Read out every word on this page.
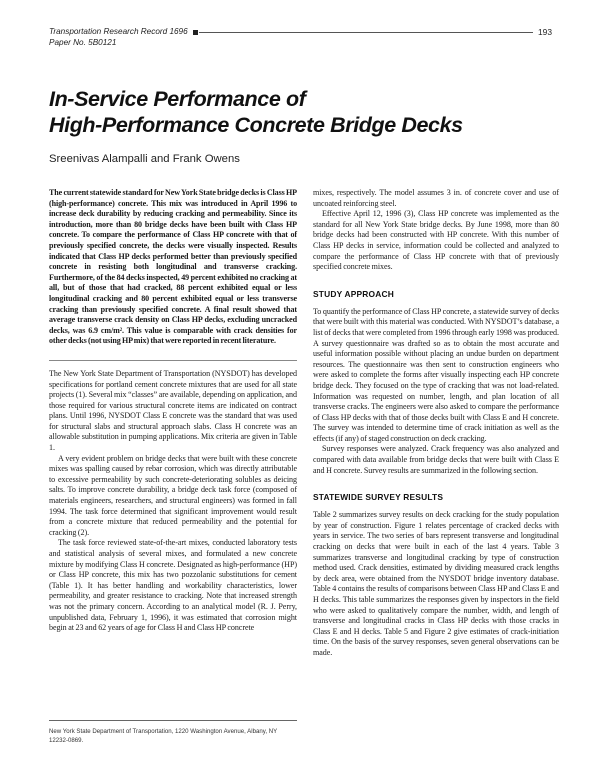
Transportation Research Record 1696
Paper No. 5B0121
193
In-Service Performance of
High-Performance Concrete Bridge Decks
Sreenivas Alampalli and Frank Owens

The current statewide standard for New York State bridge decks is Class HP (high-performance) concrete. This mix was introduced in April 1996 to increase deck durability by reducing cracking and permeability. Since its introduction, more than 80 bridge decks have been built with Class HP concrete. To compare the performance of Class HP concrete with that of previously specified concrete, the decks were visually inspected. Results indicated that Class HP decks performed better than previously specified concrete in resisting both longitudinal and transverse cracking. Furthermore, of the 84 decks inspected, 49 percent exhibited no cracking at all, but of those that had cracked, 88 percent exhibited equal or less longitudinal cracking and 80 percent exhibited equal or less transverse cracking than previously specified concrete. A final result showed that average transverse crack density on Class HP decks, excluding uncracked decks, was 6.9 cm/m². This value is comparable with crack densities for other decks (not using HP mix) that were reported in recent literature.

The New York State Department of Transportation (NYSDOT) has developed specifications for portland cement concrete mixtures that are used for all state projects (1). Several mix “classes” are available, depending on application, and those required for various structural concrete items are indicated on contract plans. Until 1996, NYSDOT Class E concrete was the standard that was used for structural slabs and structural approach slabs. Class H concrete was an allowable substitution in pumping applications. Mix criteria are given in Table 1.

A very evident problem on bridge decks that were built with these concrete mixes was spalling caused by rebar corrosion, which was directly attributable to excessive permeability by such concrete-deteriorating solubles as deicing salts. To improve concrete durability, a bridge deck task force (composed of materials engineers, researchers, and structural engineers) was formed in fall 1994. The task force determined that significant improvement would result from a concrete mixture that reduced permeability and the potential for cracking (2).

The task force reviewed state-of-the-art mixes, conducted laboratory tests and statistical analysis of several mixes, and formulated a new concrete mixture by modifying Class H concrete. Designated as high-performance (HP) or Class HP concrete, this mix has two pozzolanic substitutions for cement (Table 1). It has better handling and workability characteristics, lower permeability, and greater resistance to cracking. Note that increased strength was not the primary concern. According to an analytical model (R. J. Perry, unpublished data, February 1, 1996), it was estimated that corrosion might begin at 23 and 62 years of age for Class H and Class HP concrete

New York State Department of Transportation, 1220 Washington Avenue, Albany, NY 12232-0869.

mixes, respectively. The model assumes 3 in. of concrete cover and use of uncoated reinforcing steel.

Effective April 12, 1996 (3), Class HP concrete was implemented as the standard for all New York State bridge decks. By June 1998, more than 80 bridge decks had been constructed with HP concrete. With this number of Class HP decks in service, information could be collected and analyzed to compare the performance of Class HP concrete with that of previously specified concrete mixes.

STUDY APPROACH

To quantify the performance of Class HP concrete, a statewide survey of decks that were built with this material was conducted. With NYSDOT’s database, a list of decks that were completed from 1996 through early 1998 was produced. A survey questionnaire was drafted so as to obtain the most accurate and useful information possible without placing an undue burden on department resources. The questionnaire was then sent to construction engineers who were asked to complete the forms after visually inspecting each HP concrete bridge deck. They focused on the type of cracking that was not load-related. Information was requested on number, length, and plan location of all transverse cracks. The engineers were also asked to compare the performance of Class HP decks with that of those decks built with Class E and H concrete. The survey was intended to determine time of crack initiation as well as the effects (if any) of staged construction on deck cracking.

Survey responses were analyzed. Crack frequency was also analyzed and compared with data available from bridge decks that were built with Class E and H concrete. Survey results are summarized in the following section.

STATEWIDE SURVEY RESULTS

Table 2 summarizes survey results on deck cracking for the study population by year of construction. Figure 1 relates percentage of cracked decks with years in service. The two series of bars represent transverse and longitudinal cracking on decks that were built in each of the last 4 years. Table 3 summarizes transverse and longitudinal cracking by type of construction method used. Crack densities, estimated by dividing measured crack lengths by deck area, were obtained from the NYSDOT bridge inventory database. Table 4 contains the results of comparisons between Class HP and Class E and H decks. This table summarizes the responses given by inspectors in the field who were asked to qualitatively compare the number, width, and length of transverse and longitudinal cracks in Class HP decks with those cracks in Class E and H decks. Table 5 and Figure 2 give estimates of crack-initiation time. On the basis of the survey responses, seven general observations can be made.
